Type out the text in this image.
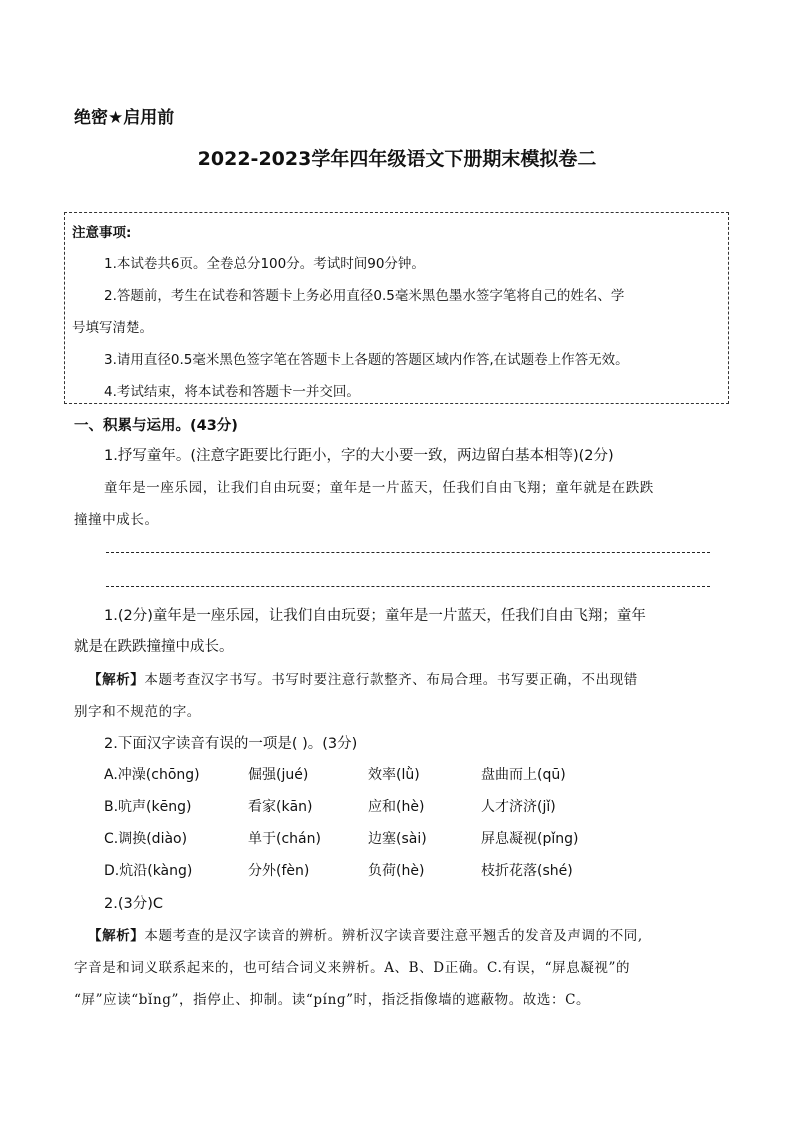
绝密★启用前
2022-2023学年四年级语文下册期末模拟卷二
注意事项:
1.本试卷共6页。全卷总分100分。考试时间90分钟。
2.答题前，考生在试卷和答题卡上务必用直径0.5毫米黑色墨水签字笔将自己的姓名、学
号填写清楚。
3.请用直径0.5毫米黑色签字笔在答题卡上各题的答题区域内作答,在试题卷上作答无效。
4.考试结束，将本试卷和答题卡一并交回。
一、积累与运用。(43分)
1.抒写童年。(注意字距要比行距小，字的大小要一致，两边留白基本相等)(2分)
童年是一座乐园，让我们自由玩耍；童年是一片蓝天，任我们自由飞翔；童年就是在跌跌
撞撞中成长。
1.(2分)童年是一座乐园，让我们自由玩耍；童年是一片蓝天，任我们自由飞翔；童年
就是在跌跌撞撞中成长。
【解析】本题考查汉字书写。书写时要注意行款整齐、布局合理。书写要正确，不出现错
别字和不规范的字。
2.下面汉字读音有误的一项是( )。(3分)
A.冲澡(chōng)	倔强(jué)	效率(lǜ)	盘曲而上(qū)
B.吭声(kēng)	看家(kān)	应和(hè)	人才济济(jǐ)
C.调换(diào)	单于(chán)	边塞(sài)	屏息凝视(pǐng)
D.炕沿(kàng)	分外(fèn)	负荷(hè)	枝折花落(shé)
2.(3分)C
【解析】本题考查的是汉字读音的辨析。辨析汉字读音要注意平翘舌的发音及声调的不同,
字音是和词义联系起来的，也可结合词义来辨析。A、B、D正确。C.有误，“屏息凝视”的
“屏”应读“bǐng”，指停止、抑制。读“pínɡ”时，指泛指像墙的遮蔽物。故选：C。
